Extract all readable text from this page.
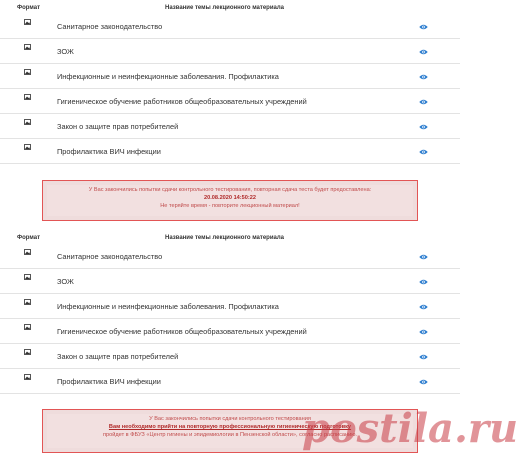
Формат	Название темы лекционного материала
Санитарное законодательство
ЗОЖ
Инфекционные и неинфекционные заболевания. Профилактика
Гигиеническое обучение работников общеобразовательных учреждений
Закон о защите прав потребителей
Профилактика ВИЧ инфекции
У Вас закончились попытки сдачи контрольного тестирования, повторная сдача теста будет предоставлена:
20.08.2020 14:50:22
Не теряйте время - повторите лекционный материал!
Формат	Название темы лекционного материала
Санитарное законодательство
ЗОЖ
Инфекционные и неинфекционные заболевания. Профилактика
Гигиеническое обучение работников общеобразовательных учреждений
Закон о защите прав потребителей
Профилактика ВИЧ инфекции
У Вас закончились попытки сдачи контрольного тестирования
Вам необходимо прийти на повторную профессиональную гигиеническую подготовку
пройдет в ФБУЗ «Центр гигиены и эпидемиологии в Пензенской области», согласно расписанию.
postila.ru
